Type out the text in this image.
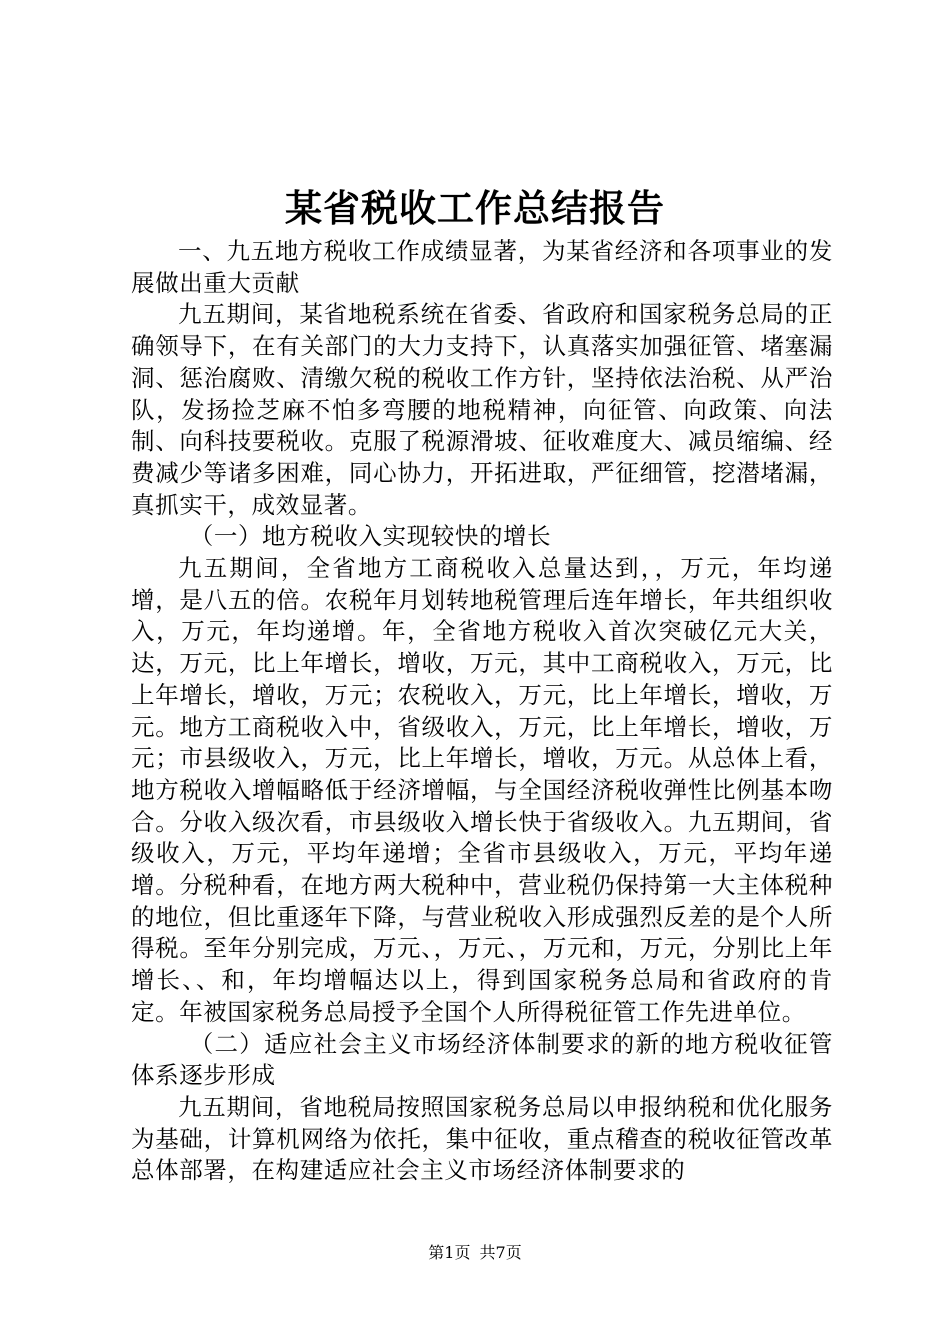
某省税收工作总结报告

一、九五地方税收工作成绩显著，为某省经济和各项事业的发展做出重大贡献

九五期间，某省地税系统在省委、省政府和国家税务总局的正确领导下，在有关部门的大力支持下，认真落实加强征管、堵塞漏洞、惩治腐败、清缴欠税的税收工作方针，坚持依法治税、从严治队，发扬捡芝麻不怕多弯腰的地税精神，向征管、向政策、向法制、向科技要税收。克服了税源滑坡、征收难度大、减员缩编、经费减少等诸多困难，同心协力，开拓进取，严征细管，挖潜堵漏，真抓实干，成效显著。

（一）地方税收入实现较快的增长

九五期间，全省地方工商税收入总量达到，，万元，年均递增，是八五的倍。农税年月划转地税管理后连年增长，年共组织收入，万元，年均递增。年，全省地方税收入首次突破亿元大关，达，万元，比上年增长，增收，万元，其中工商税收入，万元，比上年增长，增收，万元；农税收入，万元，比上年增长，增收，万元。地方工商税收入中，省级收入，万元，比上年增长，增收，万元；市县级收入，万元，比上年增长，增收，万元。从总体上看，地方税收入增幅略低于经济增幅，与全国经济税收弹性比例基本吻合。分收入级次看，市县级收入增长快于省级收入。九五期间，省级收入，万元，平均年递增；全省市县级收入，万元，平均年递增。分税种看，在地方两大税种中，营业税仍保持第一大主体税种的地位，但比重逐年下降，与营业税收入形成强烈反差的是个人所得税。至年分别完成，万元、，万元、，万元和，万元，分别比上年增长、、和，年均增幅达以上，得到国家税务总局和省政府的肯定。年被国家税务总局授予全国个人所得税征管工作先进单位。

（二）适应社会主义市场经济体制要求的新的地方税收征管体系逐步形成

九五期间，省地税局按照国家税务总局以申报纳税和优化服务为基础，计算机网络为依托，集中征收，重点稽查的税收征管改革总体部署，在构建适应社会主义市场经济体制要求的

第1页 共7页
